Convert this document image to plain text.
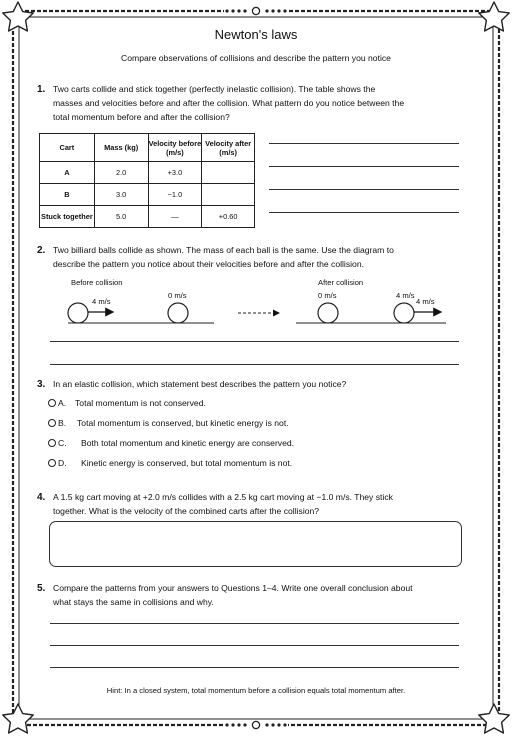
Newton's laws
Compare observations of collisions and describe the pattern you notice
1. Two carts collide and stick together (perfectly inelastic collision). The table shows the
masses and velocities before and after the collision. What pattern do you notice between the
total momentum before and after the collision?
Cart	Mass (kg)	Velocity before (m/s)	Velocity after (m/s)
A	2.0	+3.0	
B	3.0	−1.0	
Stuck together	5.0	—	+0.60
2. Two billiard balls collide as shown. The mass of each ball is the same. Use the diagram to
describe the pattern you notice about their velocities before and after the collision.
Before collision	After collision
4 m/s
0 m/s	0 m/s	4 m/s
4 m/s
3. In an elastic collision, which statement best describes the pattern you notice?
A. Total momentum is not conserved.
B. Total momentum is conserved, but kinetic energy is not.
C. Both total momentum and kinetic energy are conserved.
D. Kinetic energy is conserved, but total momentum is not.
4. A 1.5 kg cart moving at +2.0 m/s collides with a 2.5 kg cart moving at −1.0 m/s. They stick
together. What is the velocity of the combined carts after the collision?
5. Compare the patterns from your answers to Questions 1–4. Write one overall conclusion about
what stays the same in collisions and why.
Hint: In a closed system, total momentum before a collision equals total momentum after.
